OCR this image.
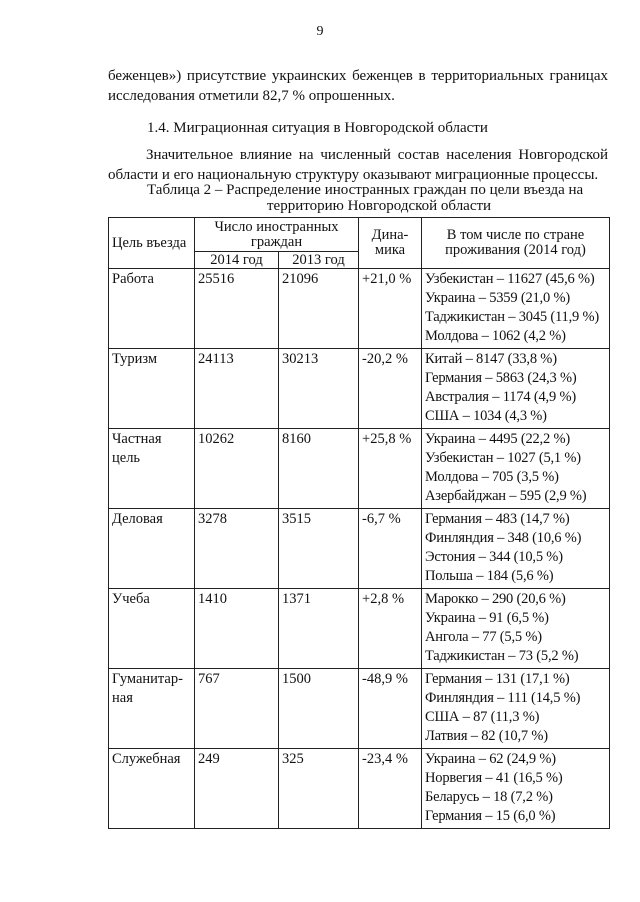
9
беженцев») присутствие украинских беженцев в территориальных границах исследования отметили 82,7 % опрошенных.
1.4. Миграционная ситуация в Новгородской области
Значительное влияние на численный состав населения Новгородской области и его национальную структуру оказывают миграционные процессы.
Таблица 2 – Распределение иностранных граждан по цели въезда на
территорию Новгородской области
Цель въезда	Число иностранных граждан		Дина-мика	В том числе по стране проживания (2014 год)
	2014 год	2013 год		
Работа	25516	21096	+21,0 %	Узбекистан – 11627 (45,6 %)
Украина – 5359 (21,0 %)
Таджикистан – 3045 (11,9 %)
Молдова – 1062 (4,2 %)

Туризм	24113	30213	-20,2 %	Китай – 8147 (33,8 %)
Германия – 5863 (24,3 %)
Австралия – 1174 (4,9 %)
США – 1034 (4,3 %)

Частная цель	10262	8160	+25,8 %	Украина – 4495 (22,2 %)
Узбекистан – 1027 (5,1 %)
Молдова – 705 (3,5 %)
Азербайджан – 595 (2,9 %)

Деловая	3278	3515	-6,7 %	Германия – 483 (14,7 %)
Финляндия – 348 (10,6 %)
Эстония – 344 (10,5 %)
Польша – 184 (5,6 %)

Учеба	1410	1371	+2,8 %	Марокко – 290 (20,6 %)
Украина – 91 (6,5 %)
Ангола – 77 (5,5 %)
Таджикистан – 73 (5,2 %)

Гуманитар-ная	767	1500	-48,9 %	Германия – 131 (17,1 %)
Финляндия – 111 (14,5 %)
США – 87 (11,3 %)
Латвия – 82 (10,7 %)

Служебная	249	325	-23,4 %	Украина – 62 (24,9 %)
Норвегия – 41 (16,5 %)
Беларусь – 18 (7,2 %)
Германия – 15 (6,0 %)
